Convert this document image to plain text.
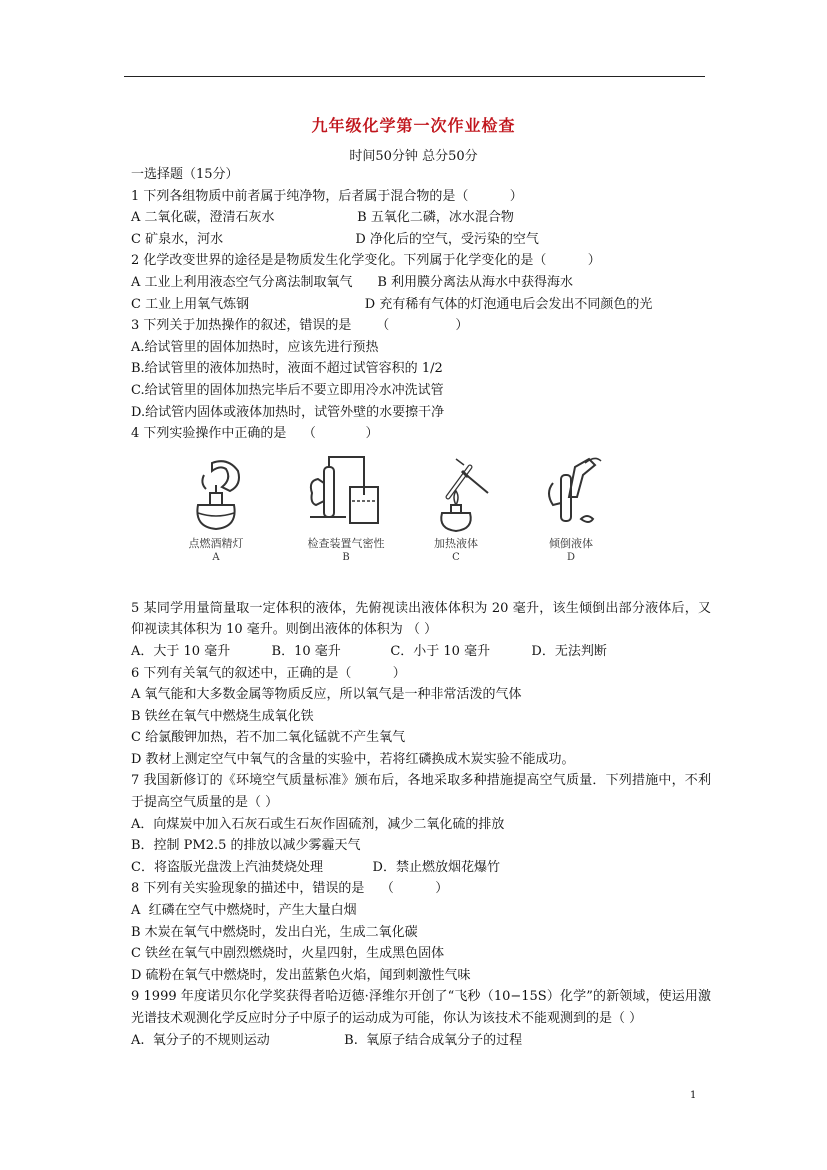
九年级化学第一次作业检查
时间50分钟 总分50分
一选择题（15分）
1 下列各组物质中前者属于纯净物，后者属于混合物的是（          ）
A 二氧化碳，澄清石灰水                    B 五氧化二磷，冰水混合物
C 矿泉水，河水                                D 净化后的空气，受污染的空气
2 化学改变世界的途径是是物质发生化学变化。下列属于化学变化的是（          ）
A 工业上利用液态空气分离法制取氧气      B 利用膜分离法从海水中获得海水
C 工业上用氧气炼钢                            D 充有稀有气体的灯泡通电后会发出不同颜色的光
3 下列关于加热操作的叙述，错误的是      （                ）
A.给试管里的固体加热时，应该先进行预热
B.给试管里的液体加热时，液面不超过试管容积的 1/2
C.给试管里的固体加热完毕后不要立即用冷水冲洗试管
D.给试管内固体或液体加热时，试管外壁的水要擦干净
4 下列实验操作中正确的是    （            ）
点燃酒精灯
A
检查装置气密性
B
加热液体
C
倾倒液体
D

5 某同学用量筒量取一定体积的液体，先俯视读出液体体积为 20 毫升，该生倾倒出部分液体后，又仰视读其体积为 10 毫升。则倒出液体的体积为 （ ）

A．大于 10 毫升          B．10 毫升            C．小于 10 毫升          D．无法判断
6 下列有关氧气的叙述中，正确的是（          ）
A 氧气能和大多数金属等物质反应，所以氧气是一种非常活泼的气体
B 铁丝在氧气中燃烧生成氧化铁
C 给氯酸钾加热，若不加二氧化锰就不产生氧气
D 教材上测定空气中氧气的含量的实验中，若将红磷换成木炭实验不能成功。

7 我国新修订的《环境空气质量标准》颁布后，各地采取多种措施提高空气质量．下列措施中，不利于提高空气质量的是（ ）

A．向煤炭中加入石灰石或生石灰作固硫剂，减少二氧化硫的排放
B．控制 PM2.5 的排放以减少雾霾天气
C．将盗版光盘泼上汽油焚烧处理            D．禁止燃放烟花爆竹
8 下列有关实验现象的描述中，错误的是    （          ）
A  红磷在空气中燃烧时，产生大量白烟
B 木炭在氧气中燃烧时，发出白光，生成二氧化碳
C 铁丝在氧气中剧烈燃烧时，火星四射，生成黑色固体
D 硫粉在氧气中燃烧时，发出蓝紫色火焰，闻到刺激性气味

9 1999 年度诺贝尔化学奖获得者哈迈德·泽维尔开创了“飞秒（10−15S）化学”的新领域，使运用激光谱技术观测化学反应时分子中原子的运动成为可能，你认为该技术不能观测到的是（ ）

A.  氧分子的不规则运动                  B.  氧原子结合成氧分子的过程
1
